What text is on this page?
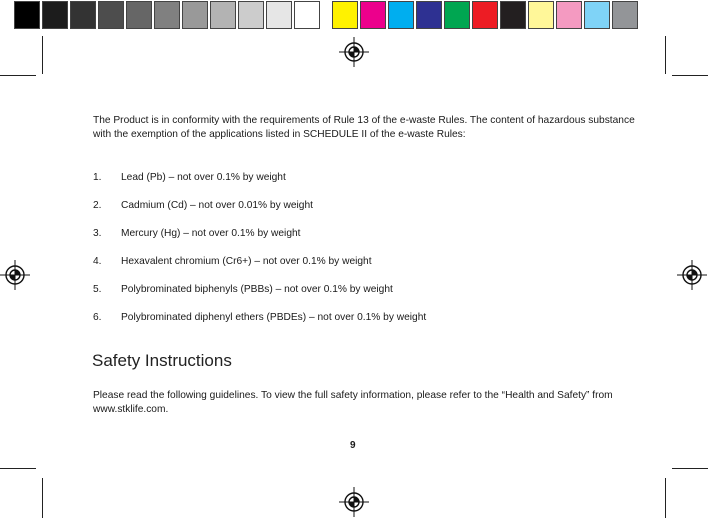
The Product is in conformity with the requirements of Rule 13 of the e-waste Rules. The content of hazardous substance
with the exemption of the applications listed in SCHEDULE II of the e-waste Rules:
1. Lead (Pb) – not over 0.1% by weight
2. Cadmium (Cd) – not over 0.01% by weight
3. Mercury (Hg) – not over 0.1% by weight
4. Hexavalent chromium (Cr6+) – not over 0.1% by weight
5. Polybrominated biphenyls (PBBs) – not over 0.1% by weight
6. Polybrominated diphenyl ethers (PBDEs) – not over 0.1% by weight
Safety Instructions
Please read the following guidelines. To view the full safety information, please refer to the “Health and Safety” from
www.stklife.com.
9
